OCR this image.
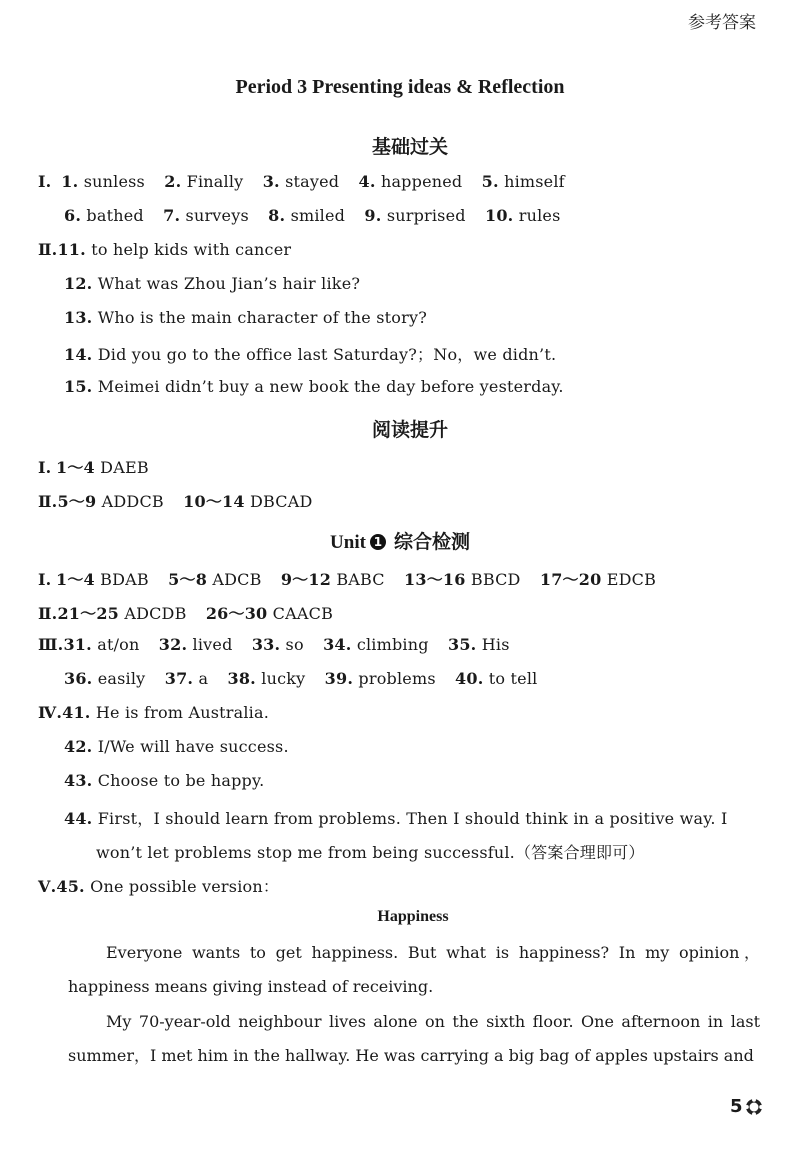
参考答案
Period 3 Presenting ideas & Reflection
基础过关
Ⅰ. 1. sunless 2. Finally 3. stayed 4. happened 5. himself
6. bathed 7. surveys 8. smiled 9. surprised 10. rules
Ⅱ.11. to help kids with cancer
12. What was Zhou Jian’s hair like?
13. Who is the main character of the story?
14. Did you go to the office last Saturday?；No，we didn’t.
15. Meimei didn’t buy a new book the day before yesterday.
阅读提升
Ⅰ. 1～4 DAEB
Ⅱ.5～9 ADDCB 10～14 DBCAD
Unit 1 综合检测
Ⅰ. 1～4 BDAB 5～8 ADCB 9～12 BABC 13～16 BBCD 17～20 EDCB
Ⅱ.21～25 ADCDB 26～30 CAACB
Ⅲ.31. at/on 32. lived 33. so 34. climbing 35. His
36. easily 37. a 38. lucky 39. problems 40. to tell
Ⅳ.41. He is from Australia.
42. I/We will have success.
43. Choose to be happy.
44. First，I should learn from problems. Then I should think in a positive way. I
won’t let problems stop me from being successful.（答案合理即可）
Ⅴ.45. One possible version：
Happiness
Everyone wants to get happiness. But what is happiness? In my opinion，happiness means giving instead of receiving.
My 70-year-old neighbour lives alone on the sixth floor. One afternoon in last summer，I met him in the hallway. He was carrying a big bag of apples upstairs and
5
